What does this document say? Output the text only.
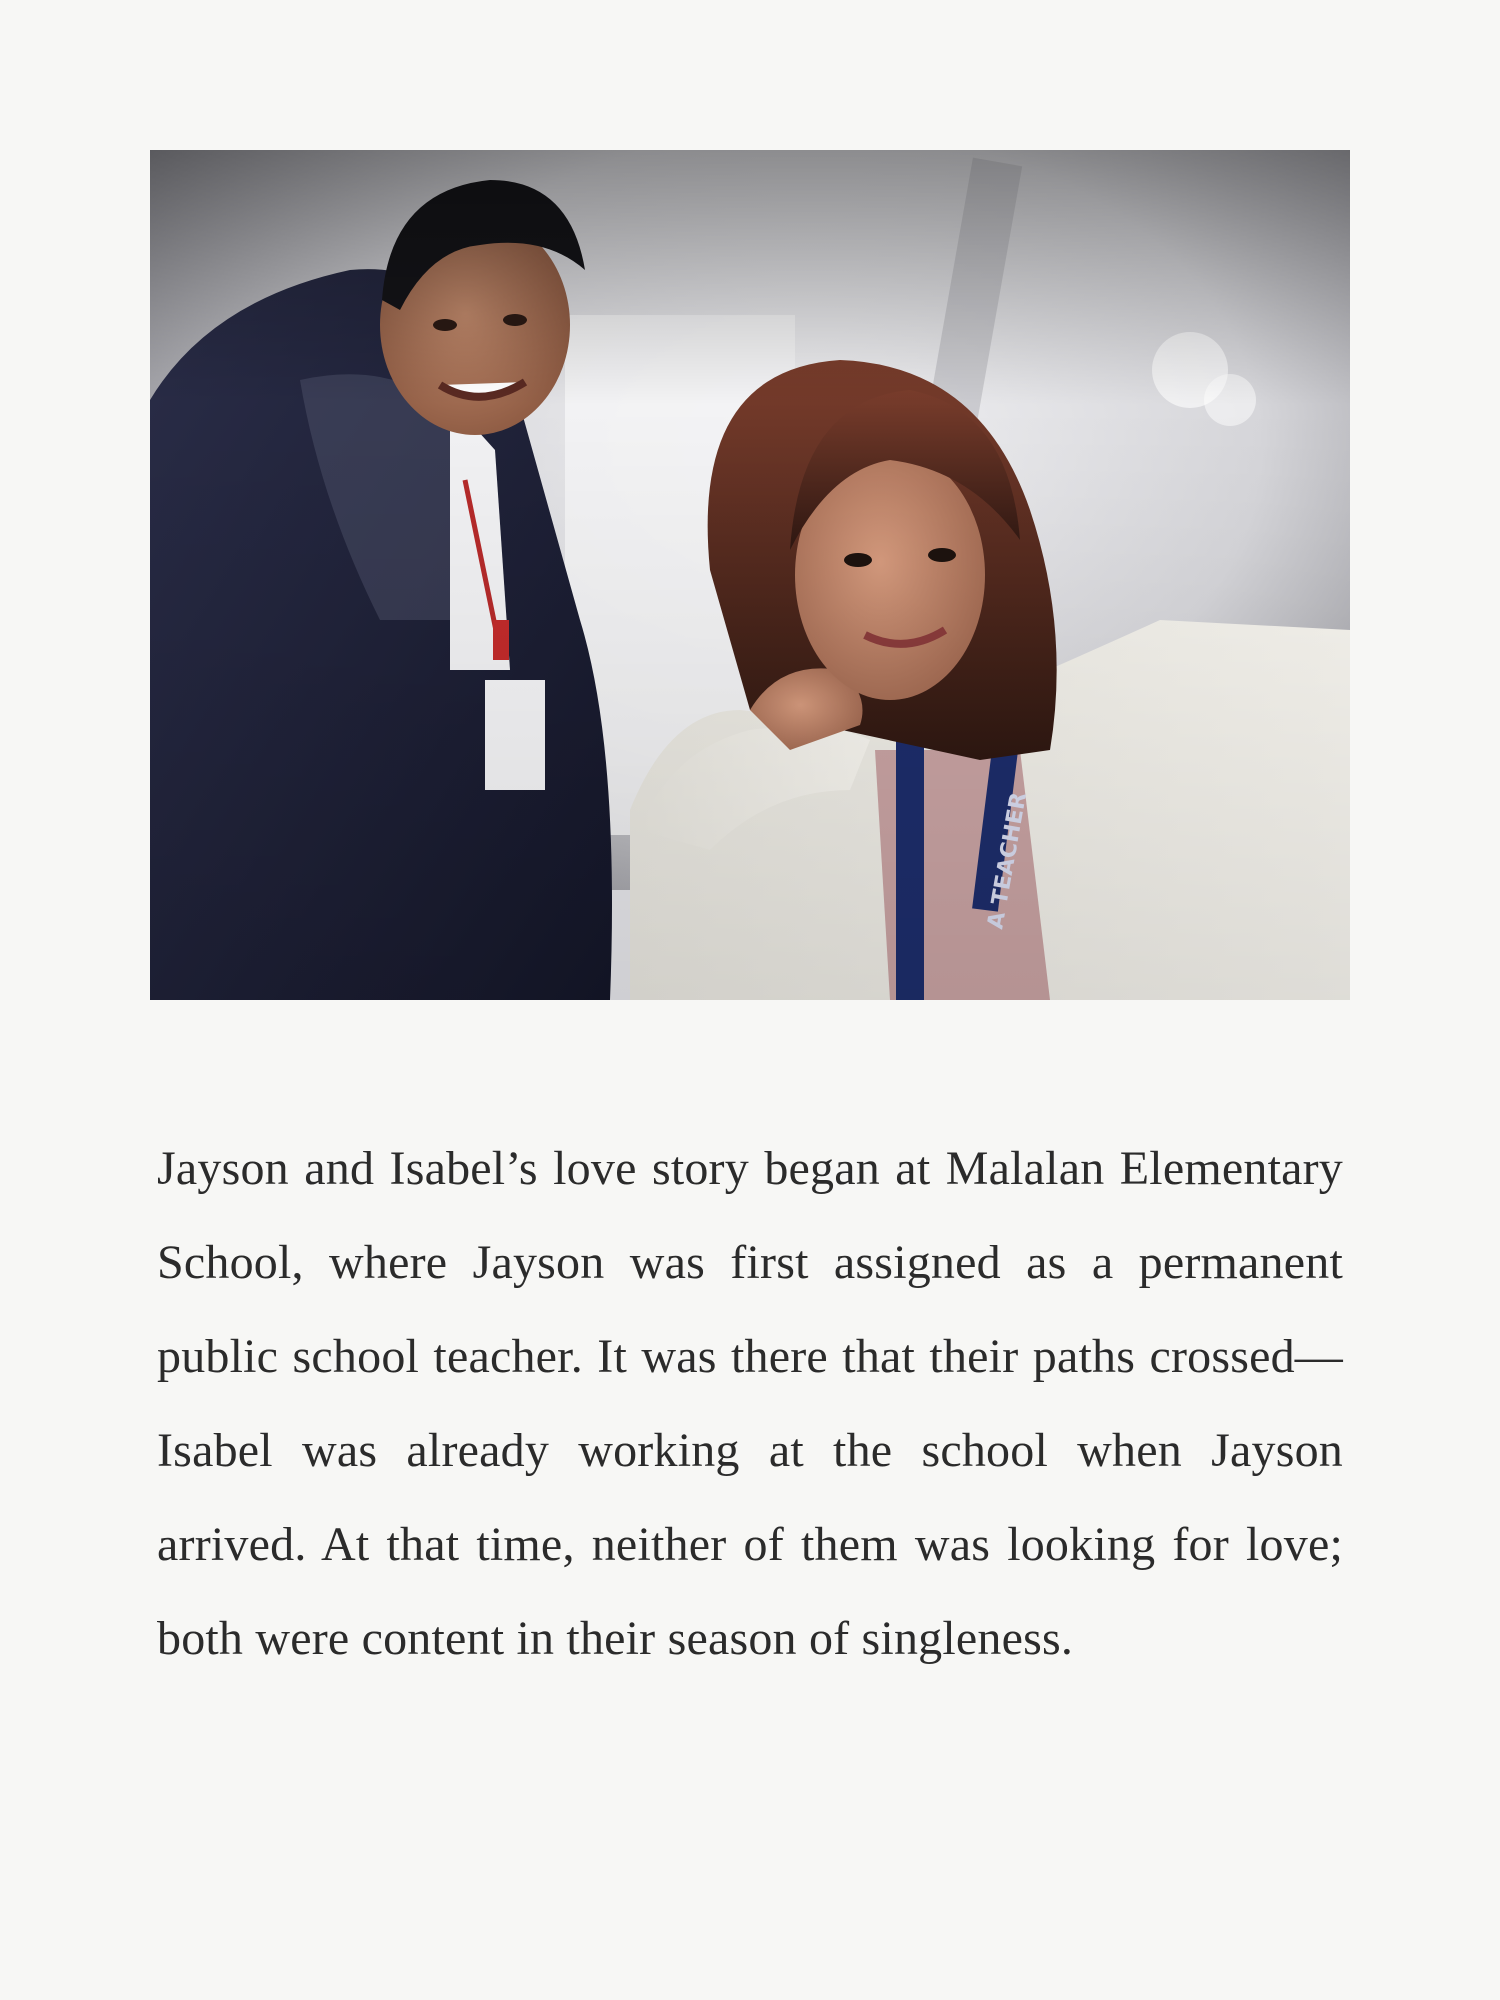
Jayson and Isabel’s love story began at Malalan Elementary School, where Jayson was first assigned as a permanent public school teacher. It was there that their paths crossed—Isabel was already working at the school when Jayson arrived. At that time, neither of them was looking for love; both were content in their season of singleness.
